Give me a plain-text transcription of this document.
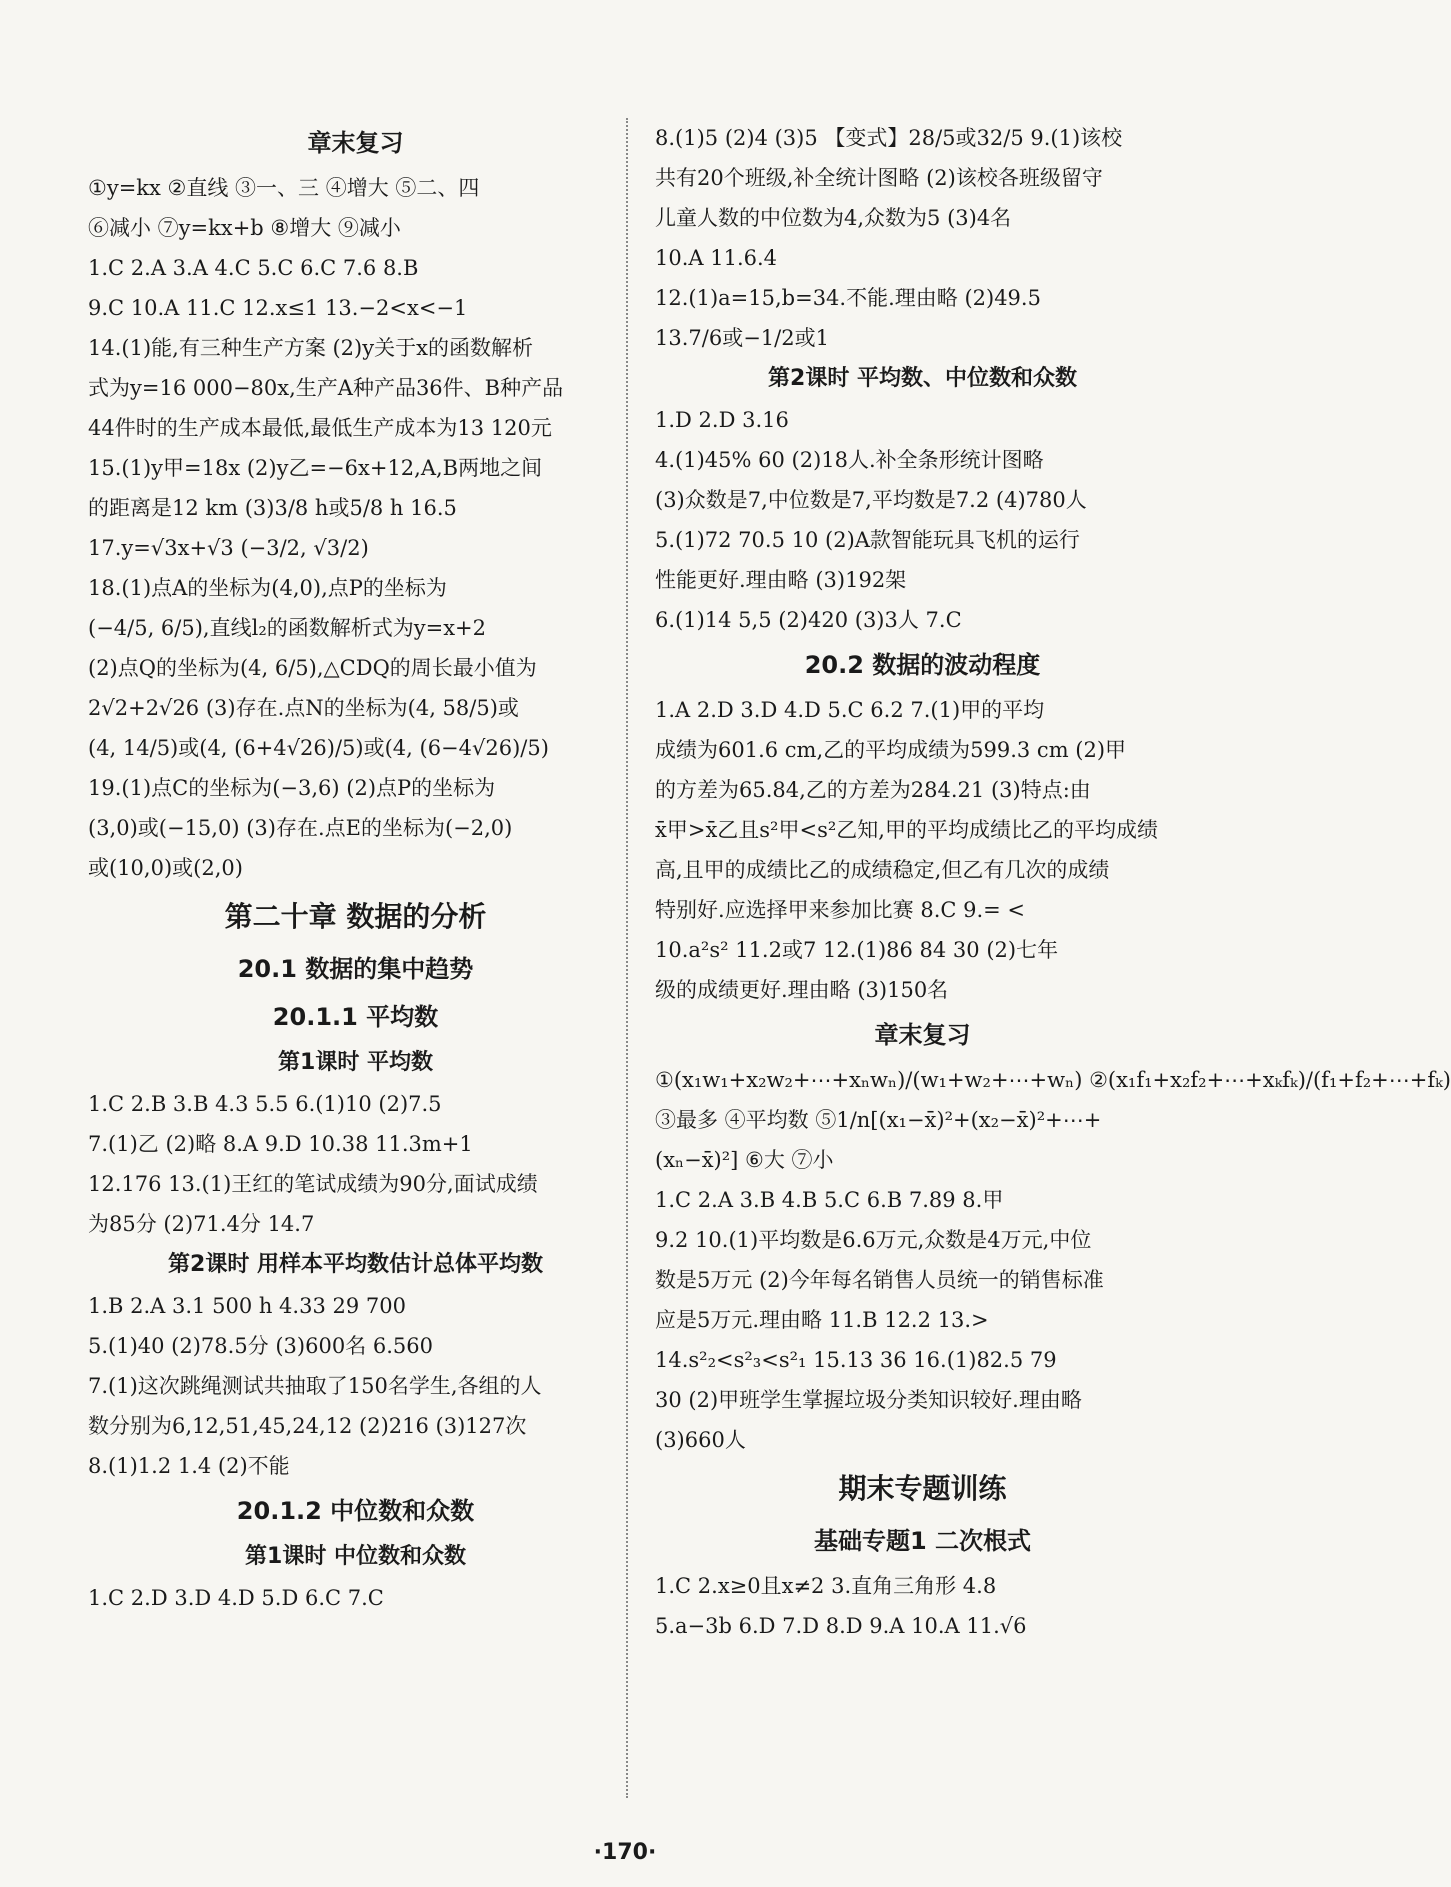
章末复习
①y=kx ②直线 ③一、三 ④增大 ⑤二、四
⑥减小 ⑦y=kx+b ⑧增大 ⑨减小
1.C 2.A 3.A 4.C 5.C 6.C 7.6 8.B
9.C 10.A 11.C 12.x≤1 13.−2<x<−1
14.(1)能,有三种生产方案 (2)y关于x的函数解析
式为y=16 000−80x,生产A种产品36件、B种产品
44件时的生产成本最低,最低生产成本为13 120元
15.(1)y甲=18x (2)y乙=−6x+12,A,B两地之间
的距离是12 km (3)3/8 h或5/8 h 16.5
17.y=√3x+√3 (−3/2, √3/2)
18.(1)点A的坐标为(4,0),点P的坐标为
(−4/5, 6/5),直线l₂的函数解析式为y=x+2
(2)点Q的坐标为(4, 6/5),△CDQ的周长最小值为
2√2+2√26 (3)存在.点N的坐标为(4, 58/5)或
(4, 14/5)或(4, (6+4√26)/5)或(4, (6−4√26)/5)
19.(1)点C的坐标为(−3,6) (2)点P的坐标为
(3,0)或(−15,0) (3)存在.点E的坐标为(−2,0)
或(10,0)或(2,0)
第二十章 数据的分析
20.1 数据的集中趋势
20.1.1 平均数
第1课时 平均数
1.C 2.B 3.B 4.3 5.5 6.(1)10 (2)7.5
7.(1)乙 (2)略 8.A 9.D 10.38 11.3m+1
12.176 13.(1)王红的笔试成绩为90分,面试成绩
为85分 (2)71.4分 14.7
第2课时 用样本平均数估计总体平均数
1.B 2.A 3.1 500 h 4.33 29 700
5.(1)40 (2)78.5分 (3)600名 6.560
7.(1)这次跳绳测试共抽取了150名学生,各组的人
数分别为6,12,51,45,24,12 (2)216 (3)127次
8.(1)1.2 1.4 (2)不能
20.1.2 中位数和众数
第1课时 中位数和众数
1.C 2.D 3.D 4.D 5.D 6.C 7.C
8.(1)5 (2)4 (3)5 【变式】28/5或32/5 9.(1)该校
共有20个班级,补全统计图略 (2)该校各班级留守
儿童人数的中位数为4,众数为5 (3)4名
10.A 11.6.4
12.(1)a=15,b=34.不能.理由略 (2)49.5
13.7/6或−1/2或1
第2课时 平均数、中位数和众数
1.D 2.D 3.16
4.(1)45% 60 (2)18人.补全条形统计图略
(3)众数是7,中位数是7,平均数是7.2 (4)780人
5.(1)72 70.5 10 (2)A款智能玩具飞机的运行
性能更好.理由略 (3)192架
6.(1)14 5,5 (2)420 (3)3人 7.C
20.2 数据的波动程度
1.A 2.D 3.D 4.D 5.C 6.2 7.(1)甲的平均
成绩为601.6 cm,乙的平均成绩为599.3 cm (2)甲
的方差为65.84,乙的方差为284.21 (3)特点:由
x̄甲>x̄乙且s²甲<s²乙知,甲的平均成绩比乙的平均成绩
高,且甲的成绩比乙的成绩稳定,但乙有几次的成绩
特别好.应选择甲来参加比赛 8.C 9.= <
10.a²s² 11.2或7 12.(1)86 84 30 (2)七年
级的成绩更好.理由略 (3)150名
章末复习
①(x₁w₁+x₂w₂+⋯+xₙwₙ)/(w₁+w₂+⋯+wₙ) ②(x₁f₁+x₂f₂+⋯+xₖfₖ)/(f₁+f₂+⋯+fₖ)
③最多 ④平均数 ⑤1/n[(x₁−x̄)²+(x₂−x̄)²+⋯+
(xₙ−x̄)²] ⑥大 ⑦小
1.C 2.A 3.B 4.B 5.C 6.B 7.89 8.甲
9.2 10.(1)平均数是6.6万元,众数是4万元,中位
数是5万元 (2)今年每名销售人员统一的销售标准
应是5万元.理由略 11.B 12.2 13.>
14.s²₂<s²₃<s²₁ 15.13 36 16.(1)82.5 79
30 (2)甲班学生掌握垃圾分类知识较好.理由略
(3)660人
期末专题训练
基础专题1 二次根式
1.C 2.x≥0且x≠2 3.直角三角形 4.8
5.a−3b 6.D 7.D 8.D 9.A 10.A 11.√6
·170·
